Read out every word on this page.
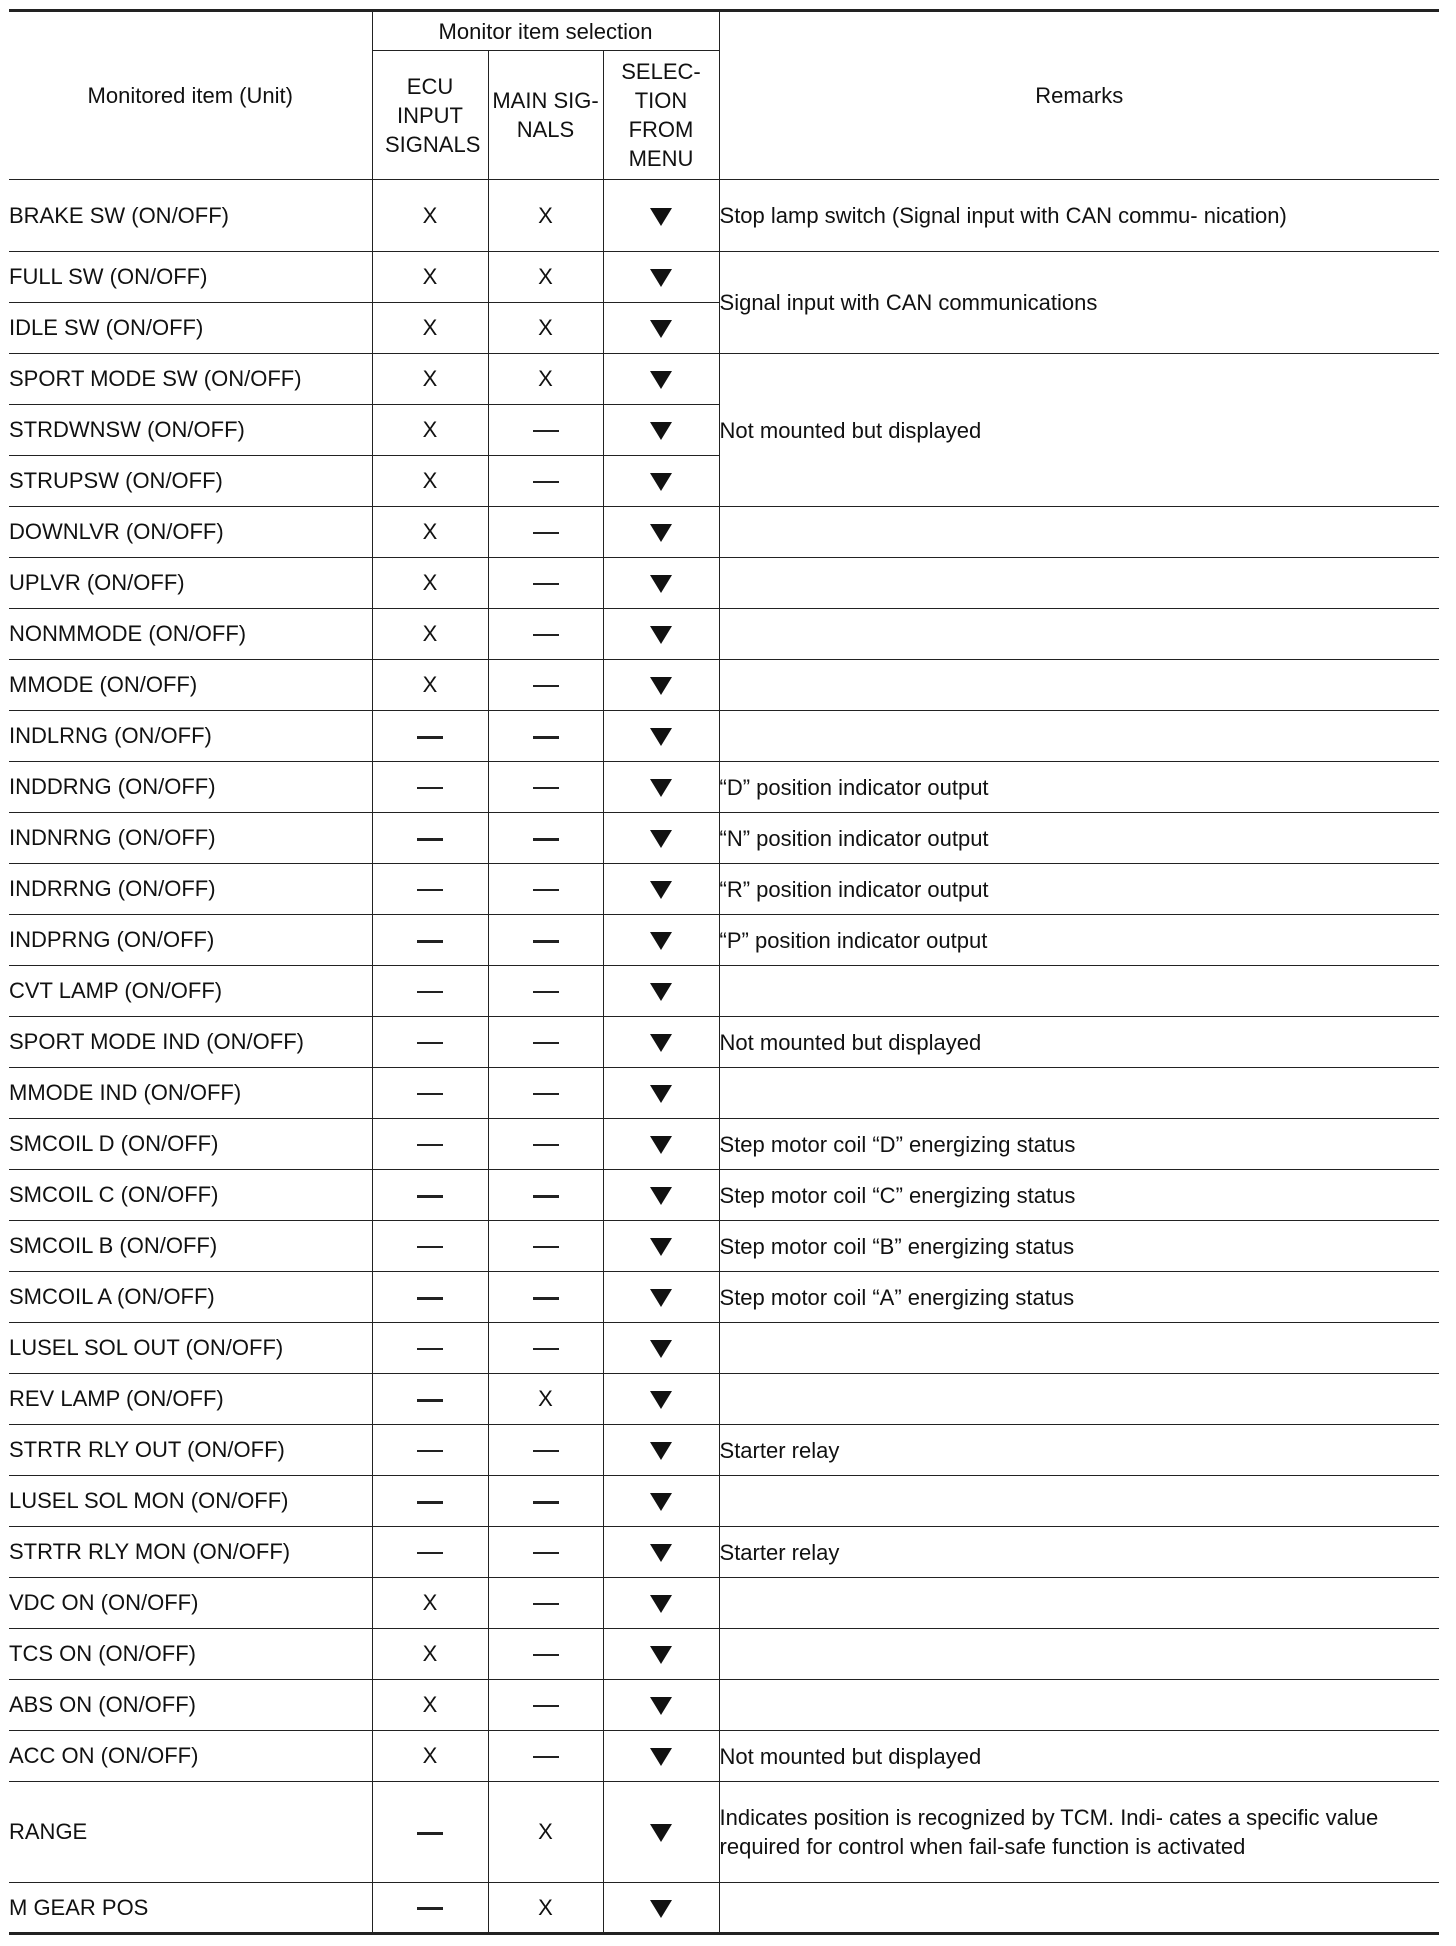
Monitored item (Unit)	Monitor item selection			Remarks
	ECU INPUT SIGNALS	MAIN SIG- NALS	SELEC- TION FROM MENU	
BRAKE SW (ON/OFF)	X	X		Stop lamp switch (Signal input with CAN commu- nication)
FULL SW (ON/OFF)	X	X		Signal input with CAN communications
IDLE SW (ON/OFF)	X	X		
SPORT MODE SW (ON/OFF)	X	X		Not mounted but displayed
STRDWNSW (ON/OFF)	X			
STRUPSW (ON/OFF)	X			
DOWNLVR (ON/OFF)	X			
UPLVR (ON/OFF)	X			
NONMMODE (ON/OFF)	X			
MMODE (ON/OFF)	X			
INDLRNG (ON/OFF)				
INDDRNG (ON/OFF)				“D” position indicator output
INDNRNG (ON/OFF)				“N” position indicator output
INDRRNG (ON/OFF)				“R” position indicator output
INDPRNG (ON/OFF)				“P” position indicator output
CVT LAMP (ON/OFF)				
SPORT MODE IND (ON/OFF)				Not mounted but displayed
MMODE IND (ON/OFF)				
SMCOIL D (ON/OFF)				Step motor coil “D” energizing status
SMCOIL C (ON/OFF)				Step motor coil “C” energizing status
SMCOIL B (ON/OFF)				Step motor coil “B” energizing status
SMCOIL A (ON/OFF)				Step motor coil “A” energizing status
LUSEL SOL OUT (ON/OFF)				
REV LAMP (ON/OFF)		X		
STRTR RLY OUT (ON/OFF)				Starter relay
LUSEL SOL MON (ON/OFF)				
STRTR RLY MON (ON/OFF)				Starter relay
VDC ON (ON/OFF)	X			
TCS ON (ON/OFF)	X			
ABS ON (ON/OFF)	X			
ACC ON (ON/OFF)	X			Not mounted but displayed
RANGE		X		Indicates position is recognized by TCM. Indi- cates a specific value required for control when fail-safe function is activated
M GEAR POS		X		
